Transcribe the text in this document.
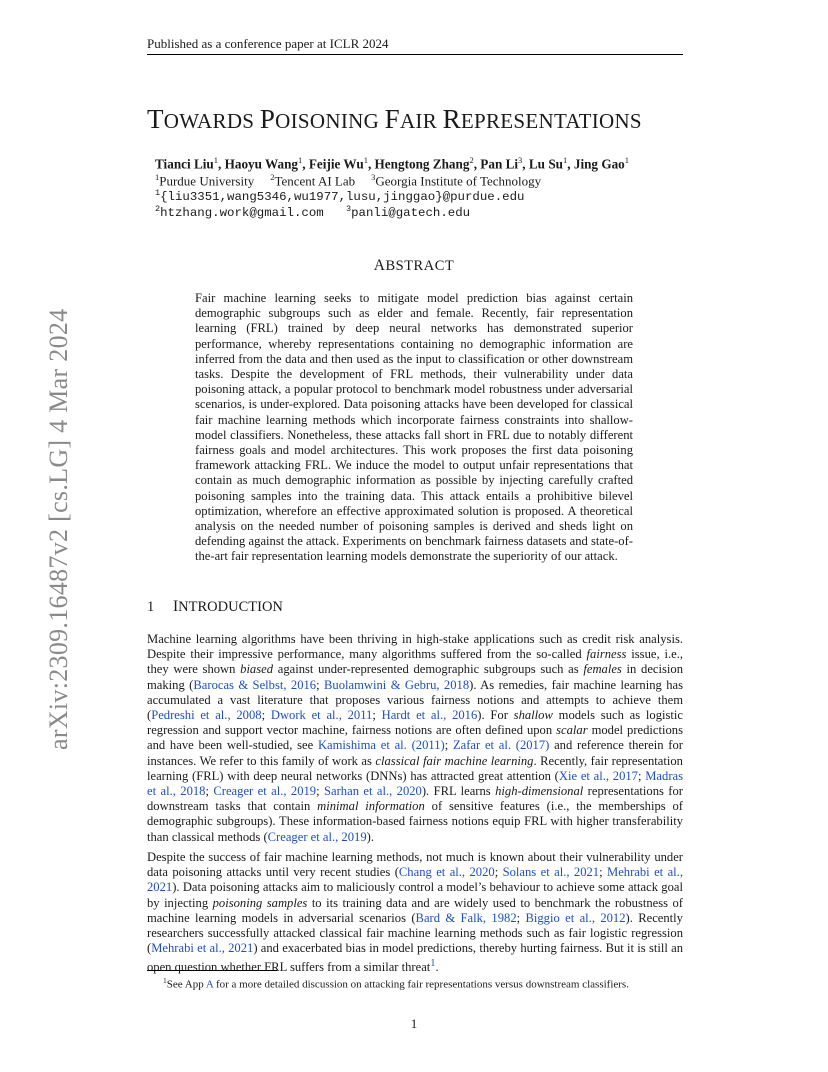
Published as a conference paper at ICLR 2024
arXiv:2309.16487v2 [cs.LG] 4 Mar 2024
TOWARDS POISONING FAIR REPRESENTATIONS
Tianci Liu$^1$, Haoyu Wang$^1$, Feijie Wu$^1$, Hengtong Zhang$^2$, Pan Li$^3$, Lu Su$^1$, Jing Gao$^1$
$^1$Purdue University $^2$Tencent AI Lab $^3$Georgia Institute of Technology
$^1${liu3351,wang5346,wu1977,lusu,jinggao}@purdue.edu
$^2$htzhang.work@gmail.com	$^3$panli@gatech.edu
ABSTRACT
Fair machine learning seeks to mitigate model prediction bias against certain demographic subgroups such as elder and female. Recently, fair representation learning (FRL) trained by deep neural networks has demonstrated superior performance, whereby representations containing no demographic information are inferred from the data and then used as the input to classification or other downstream tasks. Despite the development of FRL methods, their vulnerability under data poisoning attack, a popular protocol to benchmark model robustness under adversarial scenarios, is under-explored. Data poisoning attacks have been developed for classical fair machine learning methods which incorporate fairness constraints into shallow-model classifiers. Nonetheless, these attacks fall short in FRL due to notably different fairness goals and model architectures. This work proposes the first data poisoning framework attacking FRL. We induce the model to output unfair representations that contain as much demographic information as possible by injecting carefully crafted poisoning samples into the training data. This attack entails a prohibitive bilevel optimization, wherefore an effective approximated solution is proposed. A theoretical analysis on the needed number of poisoning samples is derived and sheds light on defending against the attack. Experiments on benchmark fairness datasets and state-of-the-art fair representation learning models demonstrate the superiority of our attack.
1 INTRODUCTION
Machine learning algorithms have been thriving in high-stake applications such as credit risk analysis. Despite their impressive performance, many algorithms suffered from the so-called fairness issue, i.e., they were shown biased against under-represented demographic subgroups such as females in decision making (Barocas & Selbst, 2016; Buolamwini & Gebru, 2018). As remedies, fair machine learning has accumulated a vast literature that proposes various fairness notions and attempts to achieve them (Pedreshi et al., 2008; Dwork et al., 2011; Hardt et al., 2016). For shallow models such as logistic regression and support vector machine, fairness notions are often defined upon scalar model predictions and have been well-studied, see Kamishima et al. (2011); Zafar et al. (2017) and reference therein for instances. We refer to this family of work as classical fair machine learning. Recently, fair representation learning (FRL) with deep neural networks (DNNs) has attracted great attention (Xie et al., 2017; Madras et al., 2018; Creager et al., 2019; Sarhan et al., 2020). FRL learns high-dimensional representations for downstream tasks that contain minimal information of sensitive features (i.e., the memberships of demographic subgroups). These information-based fairness notions equip FRL with higher transferability than classical methods (Creager et al., 2019).
Despite the success of fair machine learning methods, not much is known about their vulnerability under data poisoning attacks until very recent studies (Chang et al., 2020; Solans et al., 2021; Mehrabi et al., 2021). Data poisoning attacks aim to maliciously control a model’s behaviour to achieve some attack goal by injecting poisoning samples to its training data and are widely used to benchmark the robustness of machine learning models in adversarial scenarios (Bard & Falk, 1982; Biggio et al., 2012). Recently researchers successfully attacked classical fair machine learning methods such as fair logistic regression (Mehrabi et al., 2021) and exacerbated bias in model predictions, thereby hurting fairness. But it is still an open question whether FRL suffers from a similar threat$^1$.
$^1$See App A for a more detailed discussion on attacking fair representations versus downstream classifiers.
1
